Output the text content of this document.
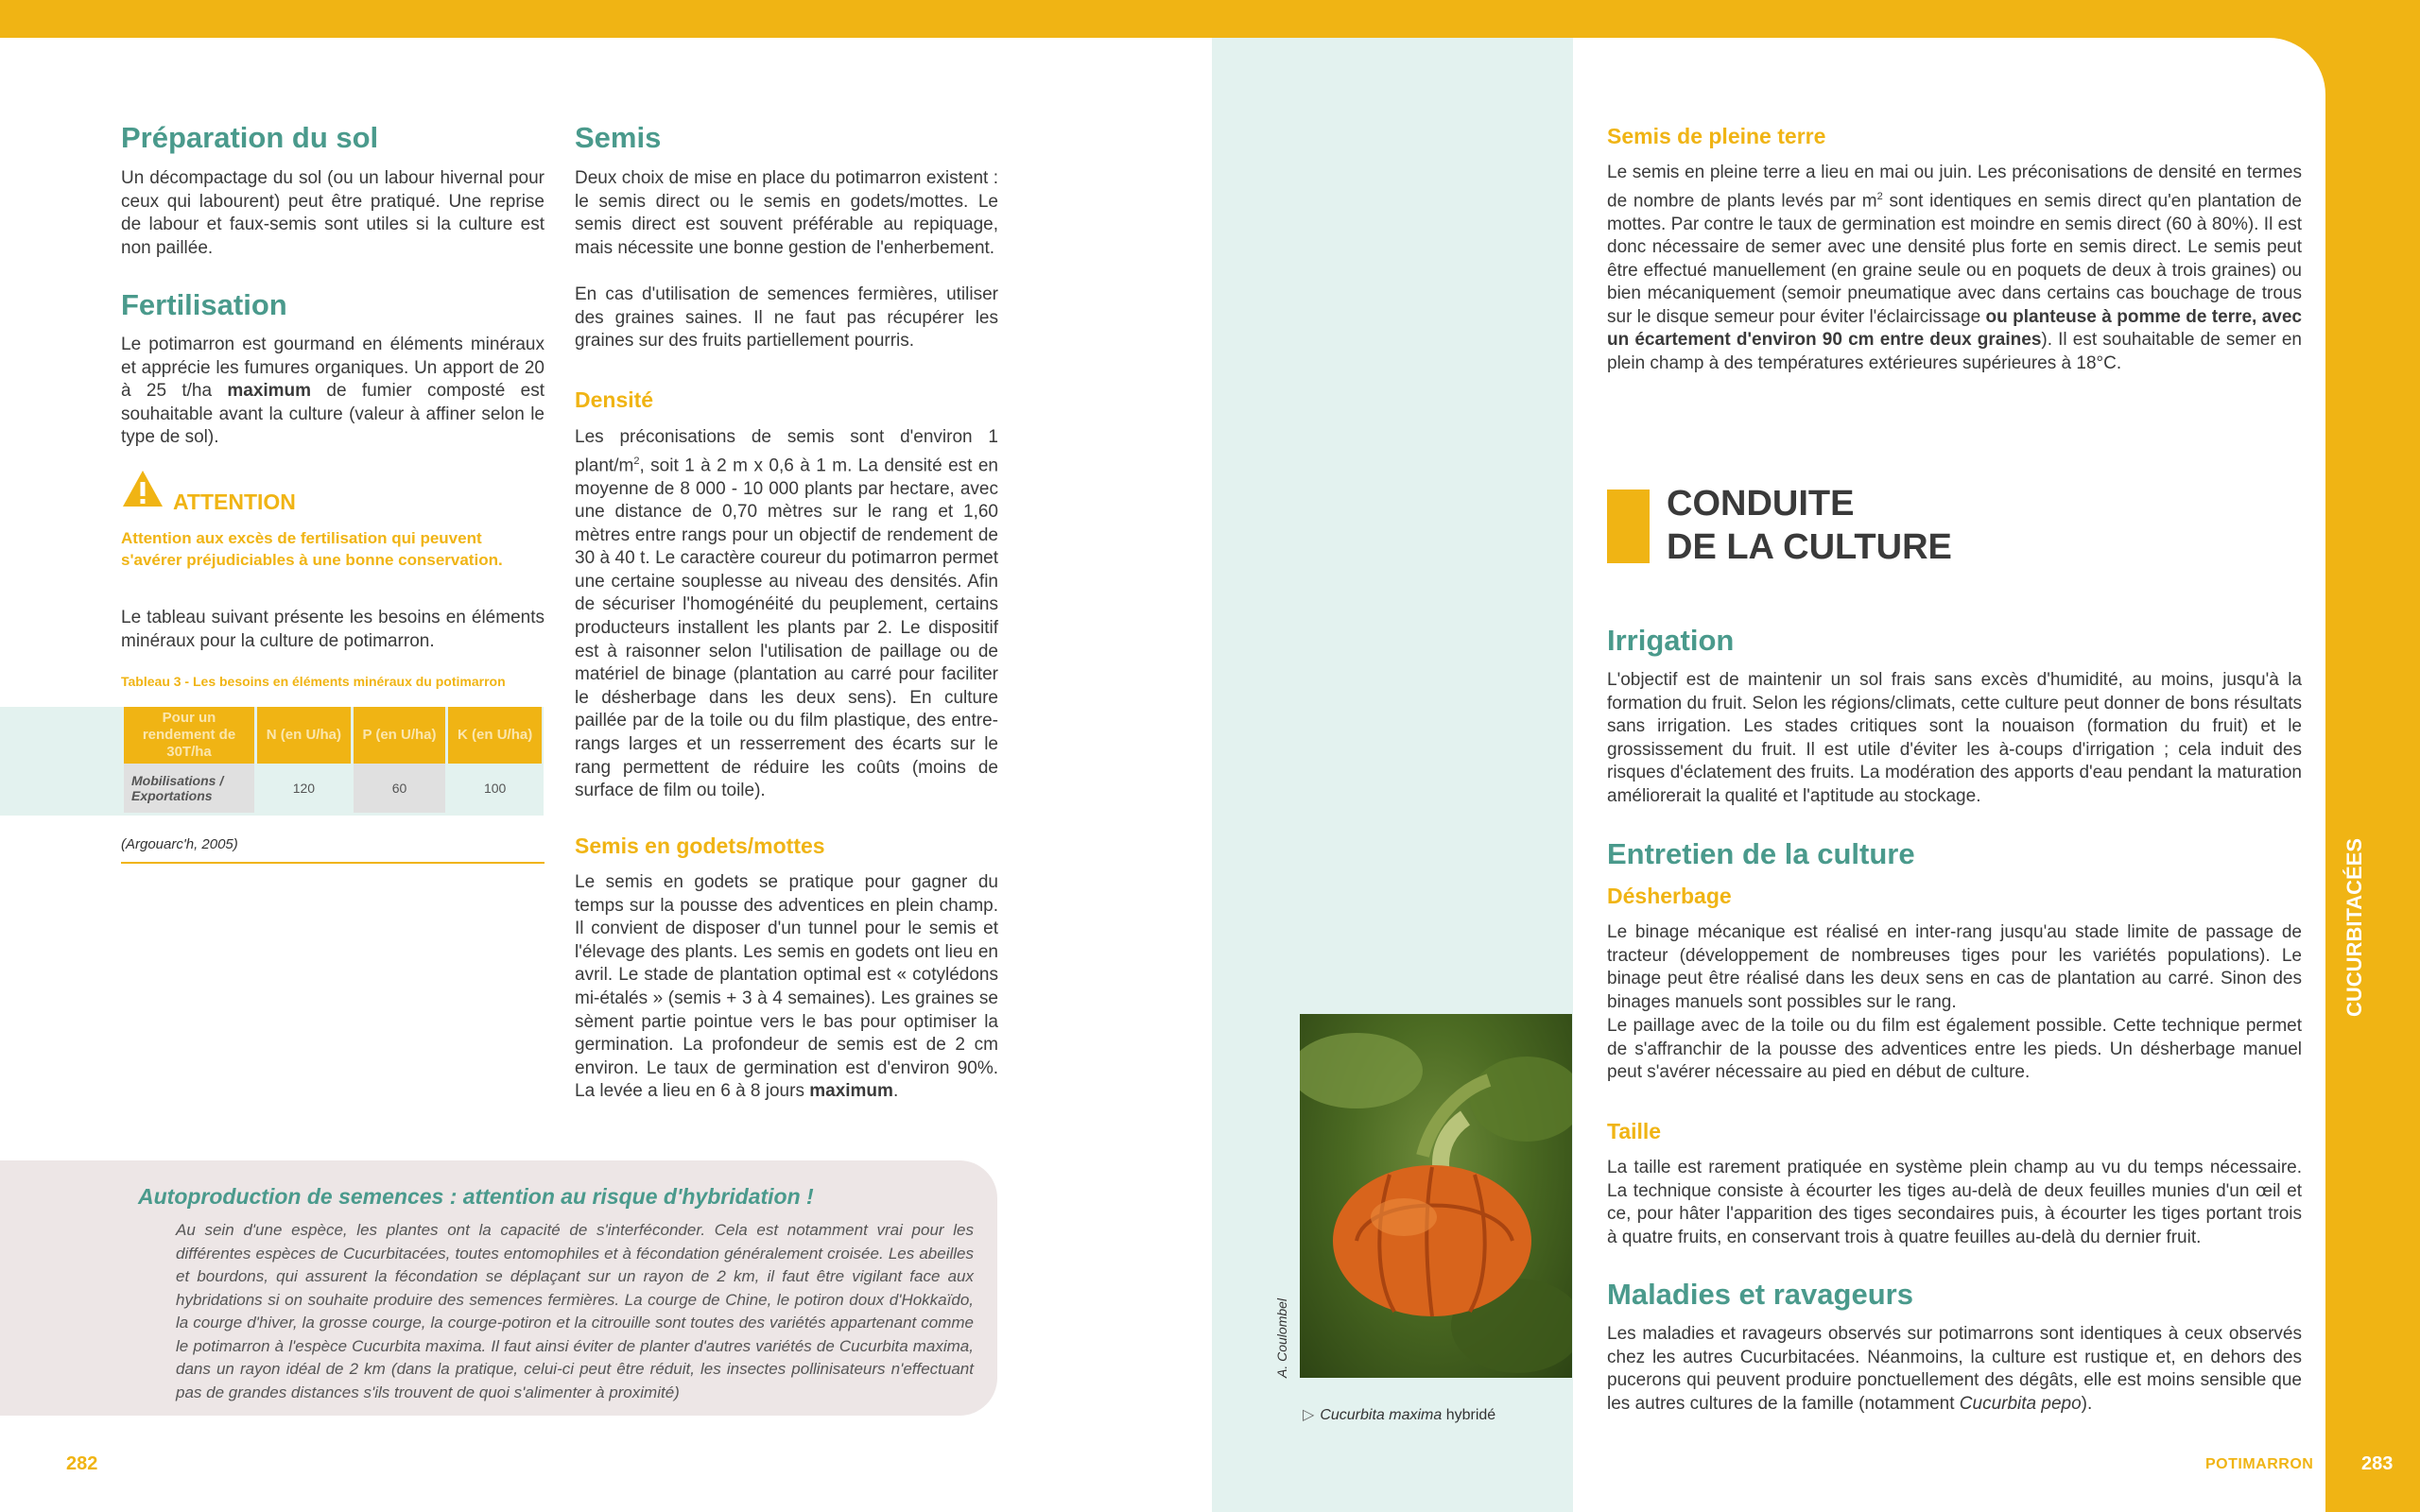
Préparation du sol

Un décompactage du sol (ou un labour hivernal pour ceux qui labourent) peut être pratiqué. Une reprise de labour et faux-semis sont utiles si la culture est non paillée.

Fertilisation

Le potimarron est gourmand en éléments minéraux et apprécie les fumures organiques. Un apport de 20 à 25 t/ha maximum de fumier composté est souhaitable avant la culture (valeur à affiner selon le type de sol).

ATTENTION

Attention aux excès de fertilisation qui peuvent s'avérer préjudiciables à une bonne conservation.

Le tableau suivant présente les besoins en éléments minéraux pour la culture de potimarron.

Tableau 3 - Les besoins en éléments minéraux du potimarron
Pour un rendement de 30T/ha	N (en U/ha)	P (en U/ha)	K (en U/ha)
Mobilisations / Exportations	120	60	100
(Argouarc'h, 2005)
Semis

Deux choix de mise en place du potimarron existent : le semis direct ou le semis en godets/mottes. Le semis direct est souvent préférable au repiquage, mais nécessite une bonne gestion de l'enherbement.

En cas d'utilisation de semences fermières, utiliser des graines saines. Il ne faut pas récupérer les graines sur des fruits partiellement pourris.

Densité

Les préconisations de semis sont d'environ 1 plant/$m^2$, soit 1 à 2 m x 0,6 à 1 m. La densité est en moyenne de 8 000 - 10 000 plants par hectare, avec une distance de 0,70 mètres sur le rang et 1,60 mètres entre rangs pour un objectif de rendement de 30 à 40 t. Le caractère coureur du potimarron permet une certaine souplesse au niveau des densités. Afin de sécuriser l'homogénéité du peuplement, certains producteurs installent les plants par 2. Le dispositif est à raisonner selon l'utilisation de paillage ou de matériel de binage (plantation au carré pour faciliter le désherbage dans les deux sens). En culture paillée par de la toile ou du film plastique, des entre-rangs larges et un resserrement des écarts sur le rang permettent de réduire les coûts (moins de surface de film ou toile).

Semis en godets/mottes

Le semis en godets se pratique pour gagner du temps sur la pousse des adventices en plein champ. Il convient de disposer d'un tunnel pour le semis et l'élevage des plants. Les semis en godets ont lieu en avril. Le stade de plantation optimal est « cotylédons mi-étalés » (semis + 3 à 4 semaines). Les graines se sèment partie pointue vers le bas pour optimiser la germination. La profondeur de semis est de 2 cm environ. Le taux de germination est d'environ 90%. La levée a lieu en 6 à 8 jours maximum.

Autoproduction de semences : attention au risque d'hybridation !

Au sein d'une espèce, les plantes ont la capacité de s'interféconder. Cela est notamment vrai pour les différentes espèces de Cucurbitacées, toutes entomophiles et à fécondation généralement croisée. Les abeilles et bourdons, qui assurent la fécondation se déplaçant sur un rayon de 2 km, il faut être vigilant face aux hybridations si on souhaite produire des semences fermières. La courge de Chine, le potiron doux d'Hokkaïdo, la courge d'hiver, la grosse courge, la courge-potiron et la citrouille sont toutes des variétés appartenant comme le potimarron à l'espèce Cucurbita maxima. Il faut ainsi éviter de planter d'autres variétés de Cucurbita maxima, dans un rayon idéal de 2 km (dans la pratique, celui-ci peut être réduit, les insectes pollinisateurs n'effectuant pas de grandes distances s'ils trouvent de quoi s'alimenter à proximité)

A. Coulombel
▷ Cucurbita maxima hybridé
Semis de pleine terre

Le semis en pleine terre a lieu en mai ou juin. Les préconisations de densité en termes de nombre de plants levés par $m^2$ sont identiques en semis direct qu'en plantation de mottes. Par contre le taux de germination est moindre en semis direct (60 à 80%). Il est donc nécessaire de semer avec une densité plus forte en semis direct. Le semis peut être effectué manuellement (en graine seule ou en poquets de deux à trois graines) ou bien mécaniquement (semoir pneumatique avec dans certains cas bouchage de trous sur le disque semeur pour éviter l'éclaircissage ou planteuse à pomme de terre, avec un écartement d'environ 90 cm entre deux graines). Il est souhaitable de semer en plein champ à des températures extérieures supérieures à 18°C.

CONDUITE
DE LA CULTURE
Irrigation

L'objectif est de maintenir un sol frais sans excès d'humidité, au moins, jusqu'à la formation du fruit. Selon les régions/climats, cette culture peut donner de bons résultats sans irrigation. Les stades critiques sont la nouaison (formation du fruit) et le grossissement du fruit. Il est utile d'éviter les à-coups d'irrigation ; cela induit des risques d'éclatement des fruits. La modération des apports d'eau pendant la maturation améliorerait la qualité et l'aptitude au stockage.

Entretien de la culture
Désherbage

Le binage mécanique est réalisé en inter-rang jusqu'au stade limite de passage de tracteur (développement de nombreuses tiges pour les variétés populations). Le binage peut être réalisé dans les deux sens en cas de plantation au carré. Sinon des binages manuels sont possibles sur le rang.

Le paillage avec de la toile ou du film est également possible. Cette technique permet de s'affranchir de la pousse des adventices entre les pieds. Un désherbage manuel peut s'avérer nécessaire au pied en début de culture.

Taille

La taille est rarement pratiquée en système plein champ au vu du temps nécessaire. La technique consiste à écourter les tiges au-delà de deux feuilles munies d'un œil et ce, pour hâter l'apparition des tiges secondaires puis, à écourter les tiges portant trois à quatre fruits, en conservant trois à quatre feuilles au-delà du dernier fruit.

Maladies et ravageurs

Les maladies et ravageurs observés sur potimarrons sont identiques à ceux observés chez les autres Cucurbitacées. Néanmoins, la culture est rustique et, en dehors des pucerons qui peuvent produire ponctuellement des dégâts, elle est moins sensible que les autres cultures de la famille (notamment Cucurbita pepo).

282	POTIMARRON	283
CUCURBITACÉES
